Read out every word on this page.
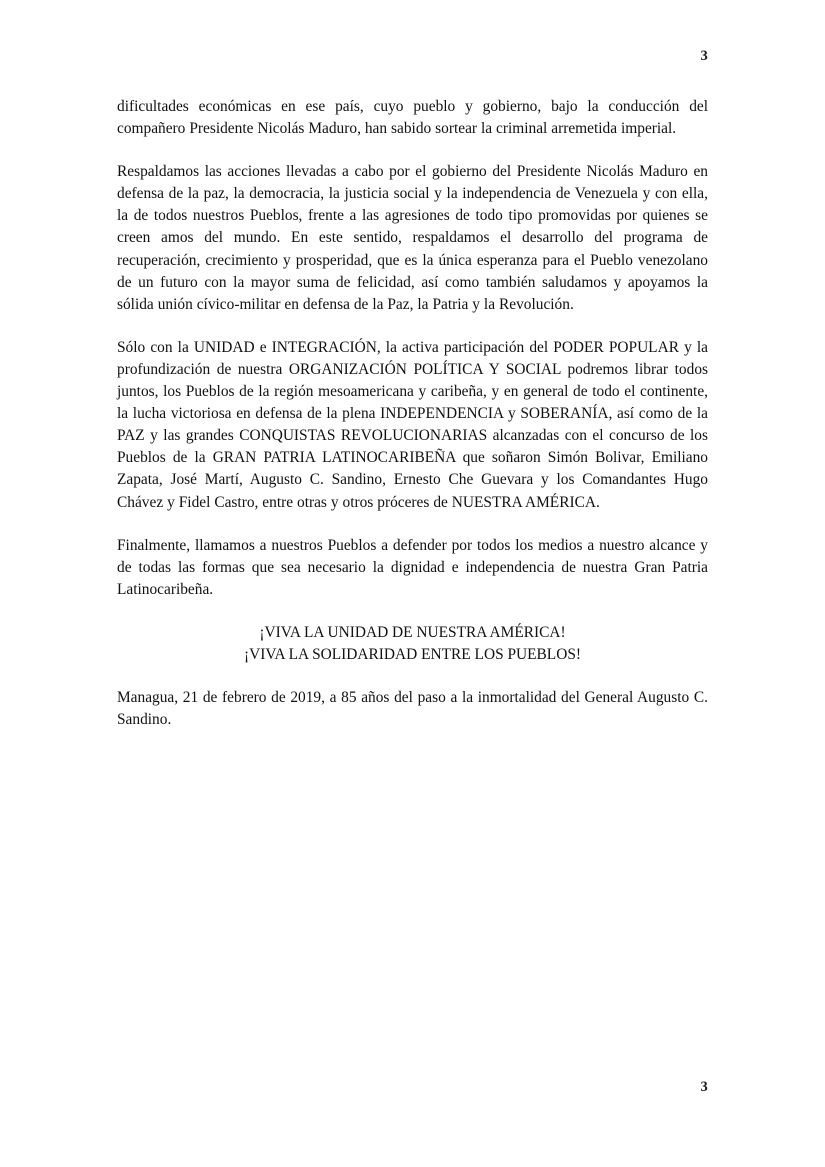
3

dificultades económicas en ese país, cuyo pueblo y gobierno, bajo la conducción del compañero Presidente Nicolás Maduro, han sabido sortear la criminal arremetida imperial.

Respaldamos las acciones llevadas a cabo por el gobierno del Presidente Nicolás Maduro en defensa de la paz, la democracia, la justicia social y la independencia de Venezuela y con ella, la de todos nuestros Pueblos, frente a las agresiones de todo tipo promovidas por quienes se creen amos del mundo. En este sentido, respaldamos el desarrollo del programa de recuperación, crecimiento y prosperidad, que es la única esperanza para el Pueblo venezolano de un futuro con la mayor suma de felicidad, así como también saludamos y apoyamos la sólida unión cívico-militar en defensa de la Paz, la Patria y la Revolución.

Sólo con la UNIDAD e INTEGRACIÓN, la activa participación del PODER POPULAR y la profundización de nuestra ORGANIZACIÓN POLÍTICA Y SOCIAL podremos librar todos juntos, los Pueblos de la región mesoamericana y caribeña, y en general de todo el continente, la lucha victoriosa en defensa de la plena INDEPENDENCIA y SOBERANÍA, así como de la PAZ y las grandes CONQUISTAS REVOLUCIONARIAS alcanzadas con el concurso de los Pueblos de la GRAN PATRIA LATINOCARIBEÑA que soñaron Simón Bolivar, Emiliano Zapata, José Martí, Augusto C. Sandino, Ernesto Che Guevara y los Comandantes Hugo Chávez y Fidel Castro, entre otras y otros próceres de NUESTRA AMÉRICA.

Finalmente, llamamos a nuestros Pueblos a defender por todos los medios a nuestro alcance y de todas las formas que sea necesario la dignidad e independencia de nuestra Gran Patria Latinocaribeña.

¡VIVA LA UNIDAD DE NUESTRA AMÉRICA!

¡VIVA LA SOLIDARIDAD ENTRE LOS PUEBLOS!

Managua, 21 de febrero de 2019, a 85 años del paso a la inmortalidad del General Augusto C. Sandino.

3
